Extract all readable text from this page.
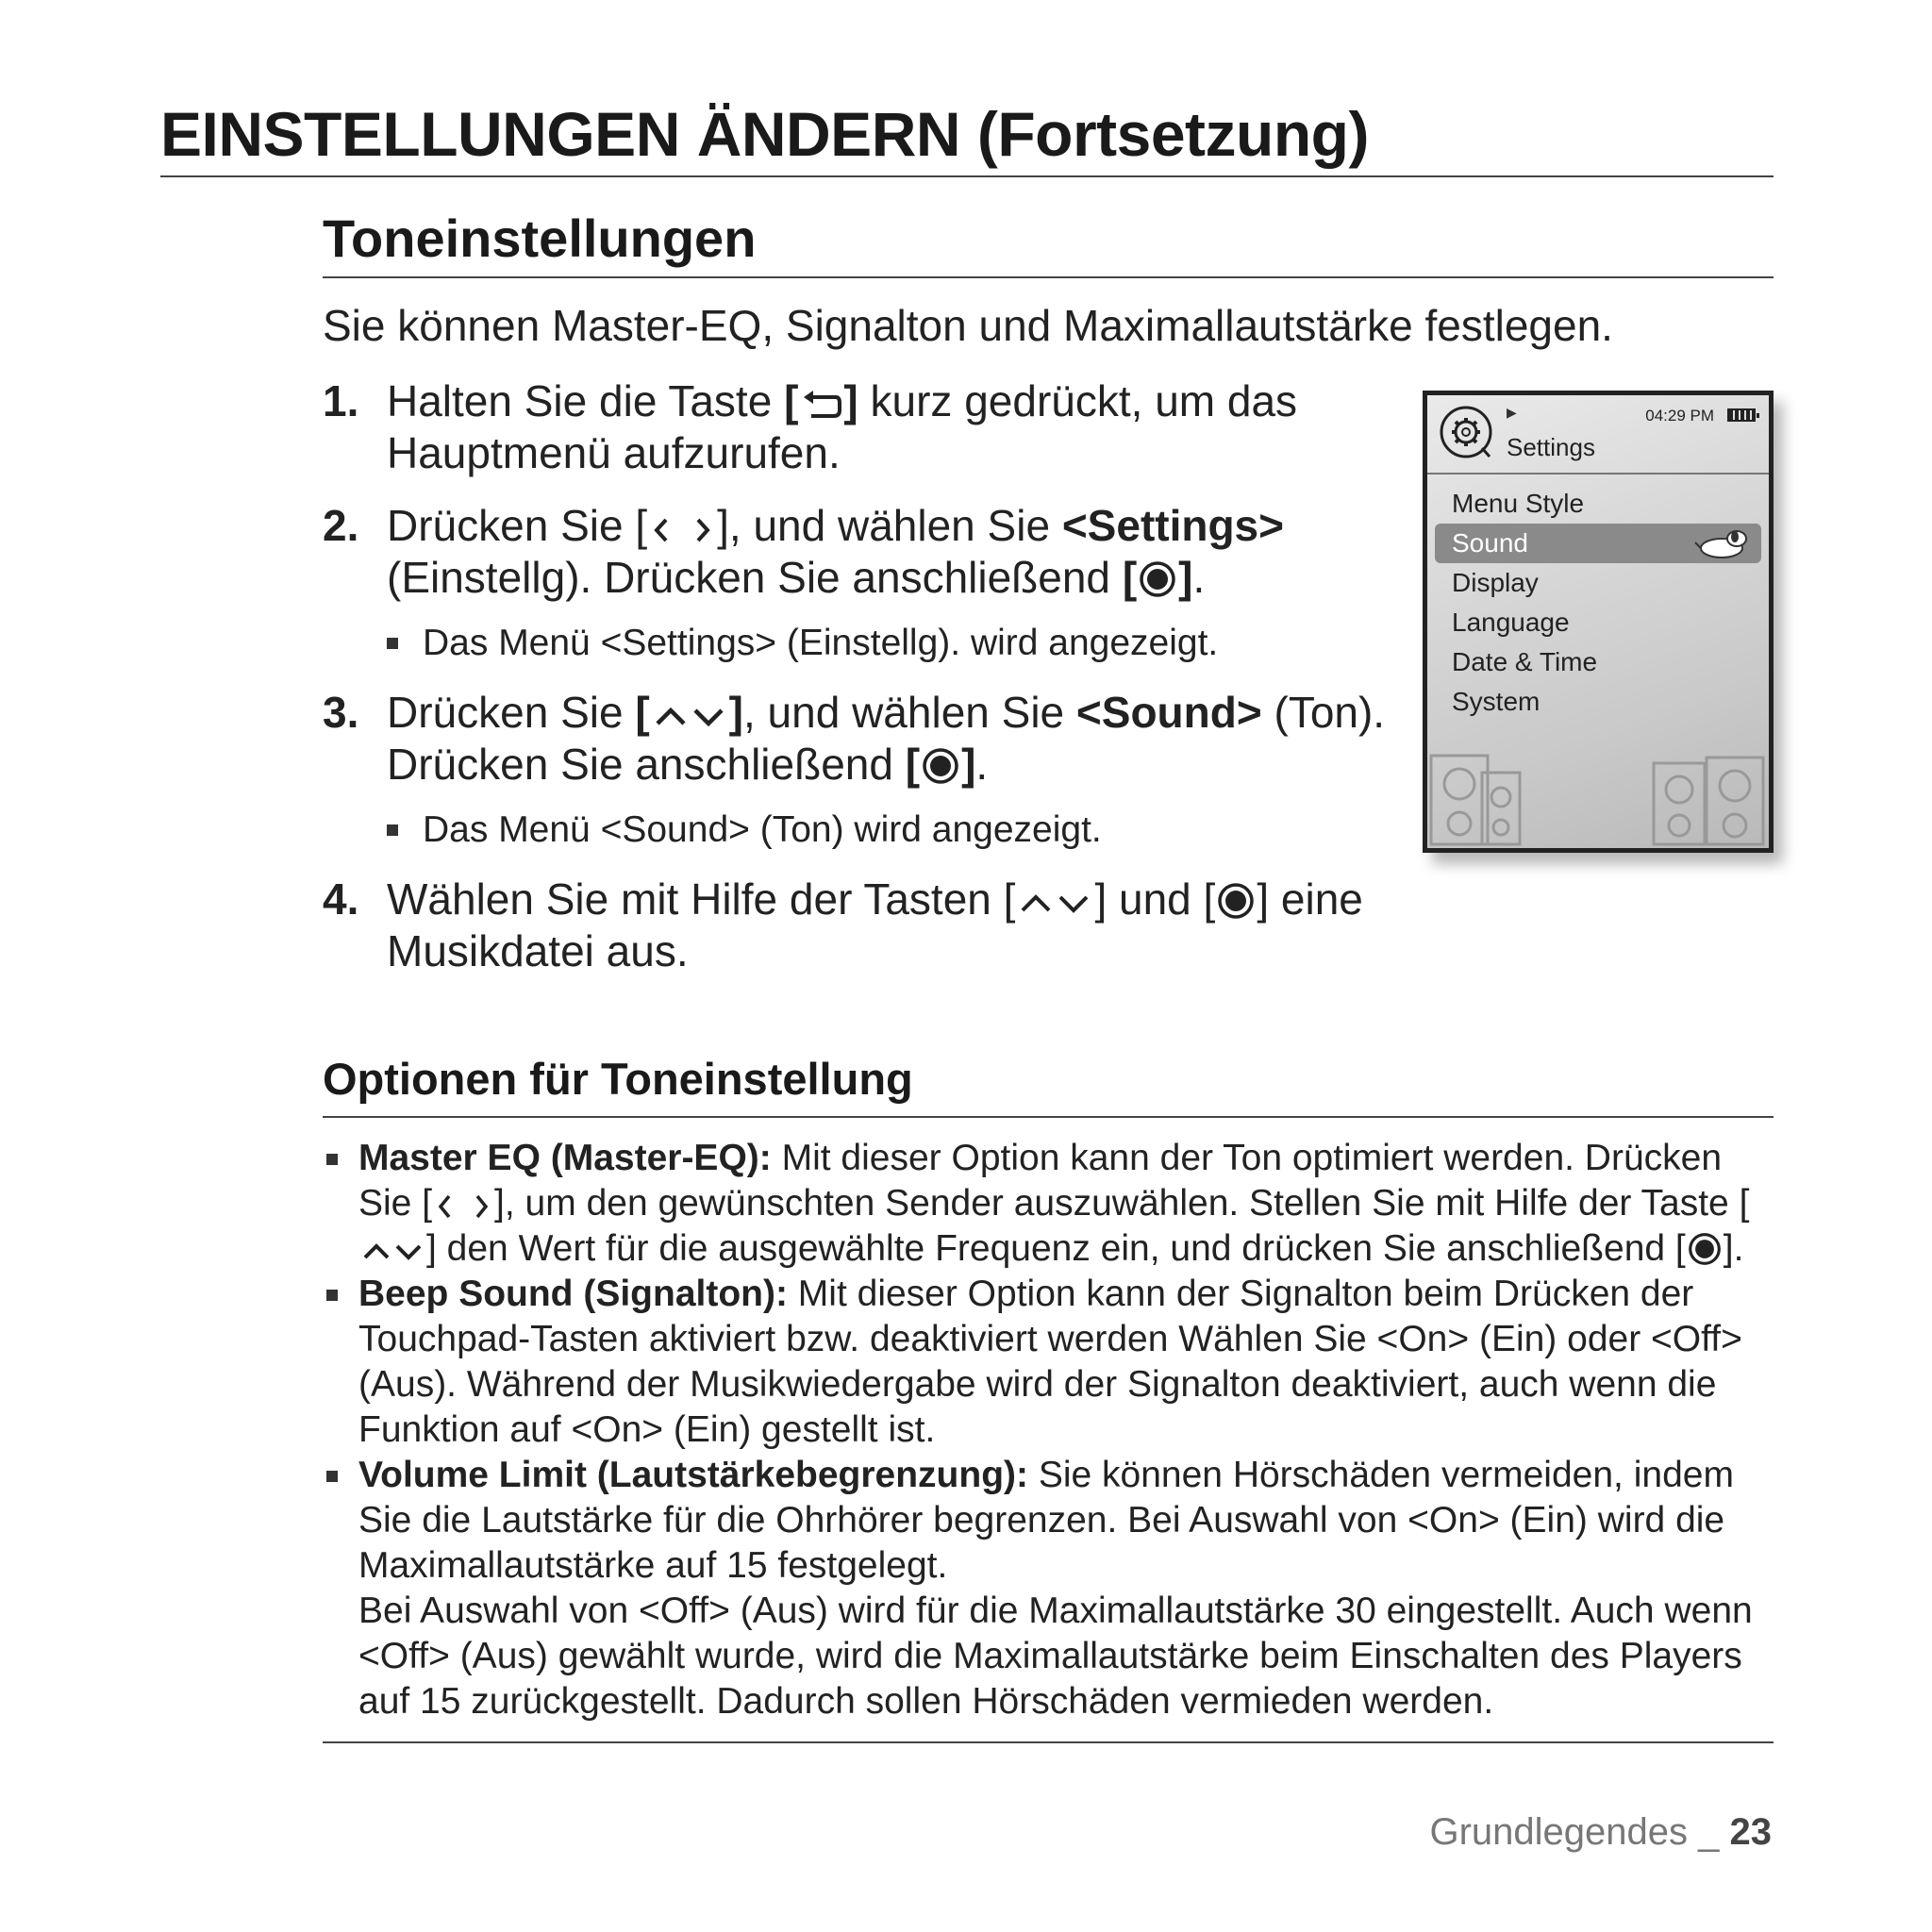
EINSTELLUNGEN ÄNDERN (Fortsetzung)
Toneinstellungen

Sie können Master-EQ, Signalton und Maximallautstärke festlegen.

1. Halten Sie die Taste [ ] kurz gedrückt, um das Hauptmenü aufzurufen.
2. Drücken Sie [ ], und wählen Sie <Settings> (Einstellg). Drücken Sie anschließend [ ].
Das Menü <Settings> (Einstellg). wird angezeigt.
3. Drücken Sie [ ], und wählen Sie <Sound> (Ton). Drücken Sie anschließend [ ].
Das Menü <Sound> (Ton) wird angezeigt.
4. Wählen Sie mit Hilfe der Tasten [ ] und [ ] eine Musikdatei aus.
▶
Settings
04:29 PM
Menu Style
Sound
Display
Language
Date & Time
System
Optionen für Toneinstellung
Master EQ (Master-EQ): Mit dieser Option kann der Ton optimiert werden. Drücken Sie [ ], um den gewünschten Sender auszuwählen. Stellen Sie mit Hilfe der Taste [] den Wert für die ausgewählte Frequenz ein, und drücken Sie anschließend [ ].
Beep Sound (Signalton): Mit dieser Option kann der Signalton beim Drücken der Touchpad-Tasten aktiviert bzw. deaktiviert werden Wählen Sie <On> (Ein) oder <Off> (Aus). Während der Musikwiedergabe wird der Signalton deaktiviert, auch wenn die Funktion auf <On> (Ein) gestellt ist.
Volume Limit (Lautstärkebegrenzung): Sie können Hörschäden vermeiden, indem Sie die Lautstärke für die Ohrhörer begrenzen. Bei Auswahl von <On> (Ein) wird die Maximallautstärke auf 15 festgelegt.
Bei Auswahl von <Off> (Aus) wird für die Maximallautstärke 30 eingestellt. Auch wenn <Off> (Aus) gewählt wurde, wird die Maximallautstärke beim Einschalten des Players auf 15 zurückgestellt. Dadurch sollen Hörschäden vermieden werden.
Grundlegendes _ 23
